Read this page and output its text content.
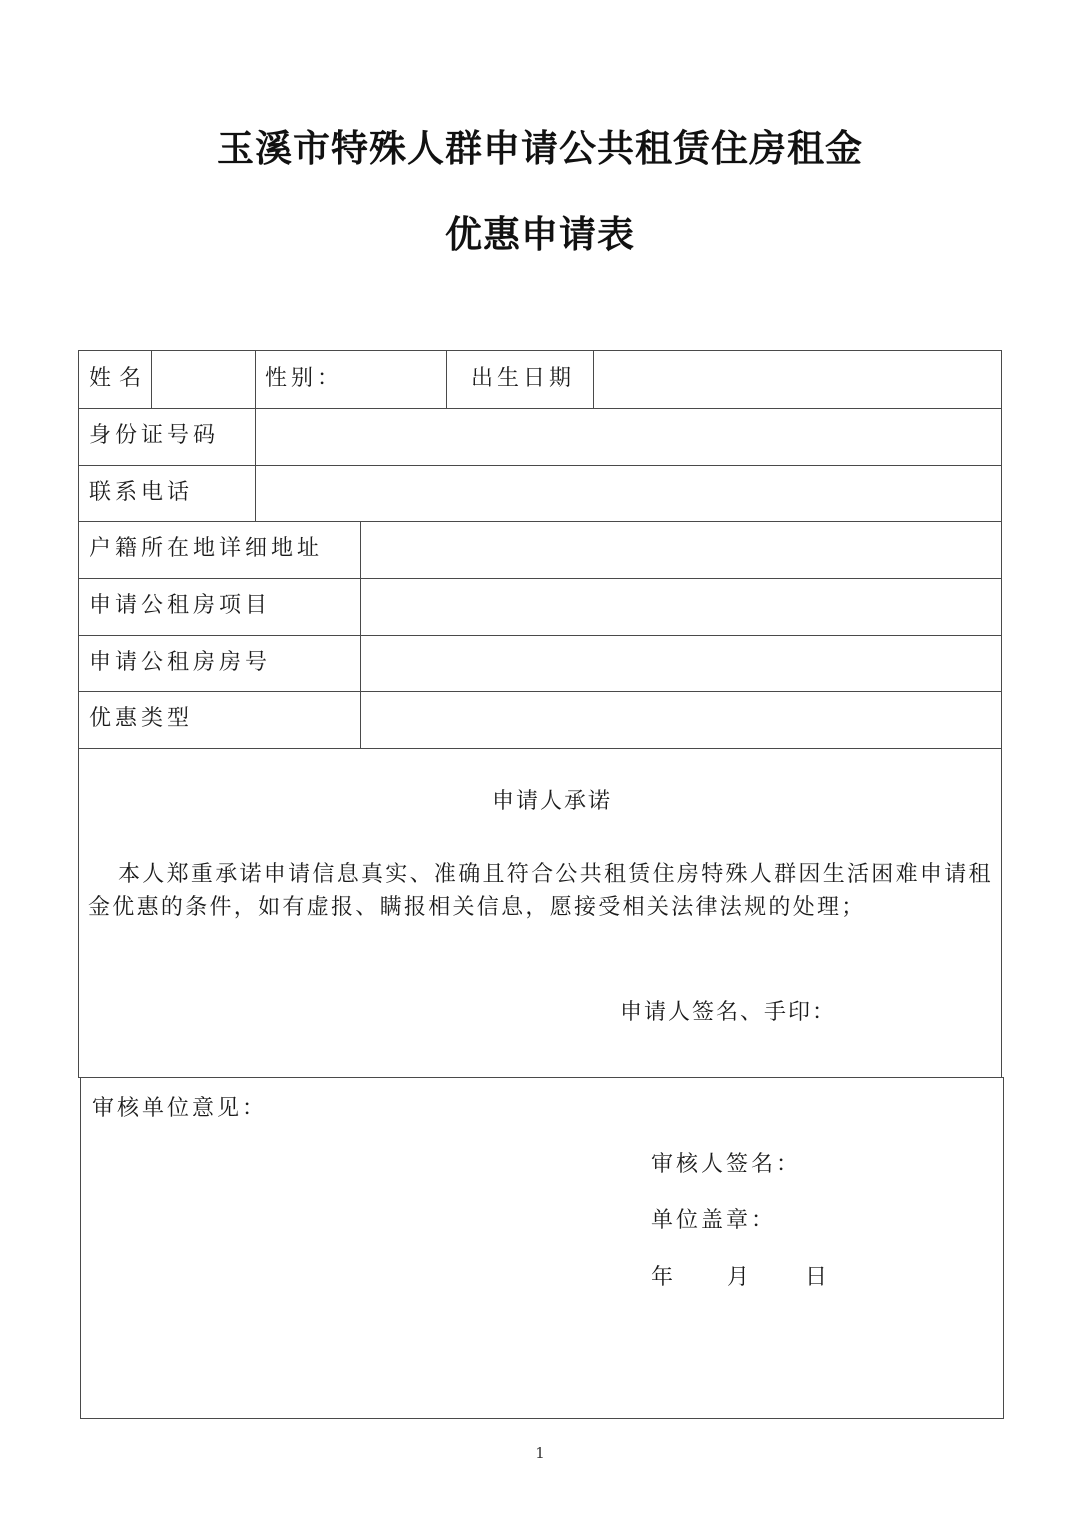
玉溪市特殊人群申请公共租赁住房租金
优惠申请表
姓名	性别：	出生日期
身份证号码
联系电话
户籍所在地详细地址
申请公租房项目
申请公租房房号
优惠类型
申请人承诺
本人郑重承诺申请信息真实、准确且符合公共租赁住房特殊人群因生活困难申请租金优惠的条件，如有虚报、瞒报相关信息，愿接受相关法律法规的处理；
申请人签名、手印：
审核单位意见：
审核人签名：
单位盖章：
年 月 日
1
